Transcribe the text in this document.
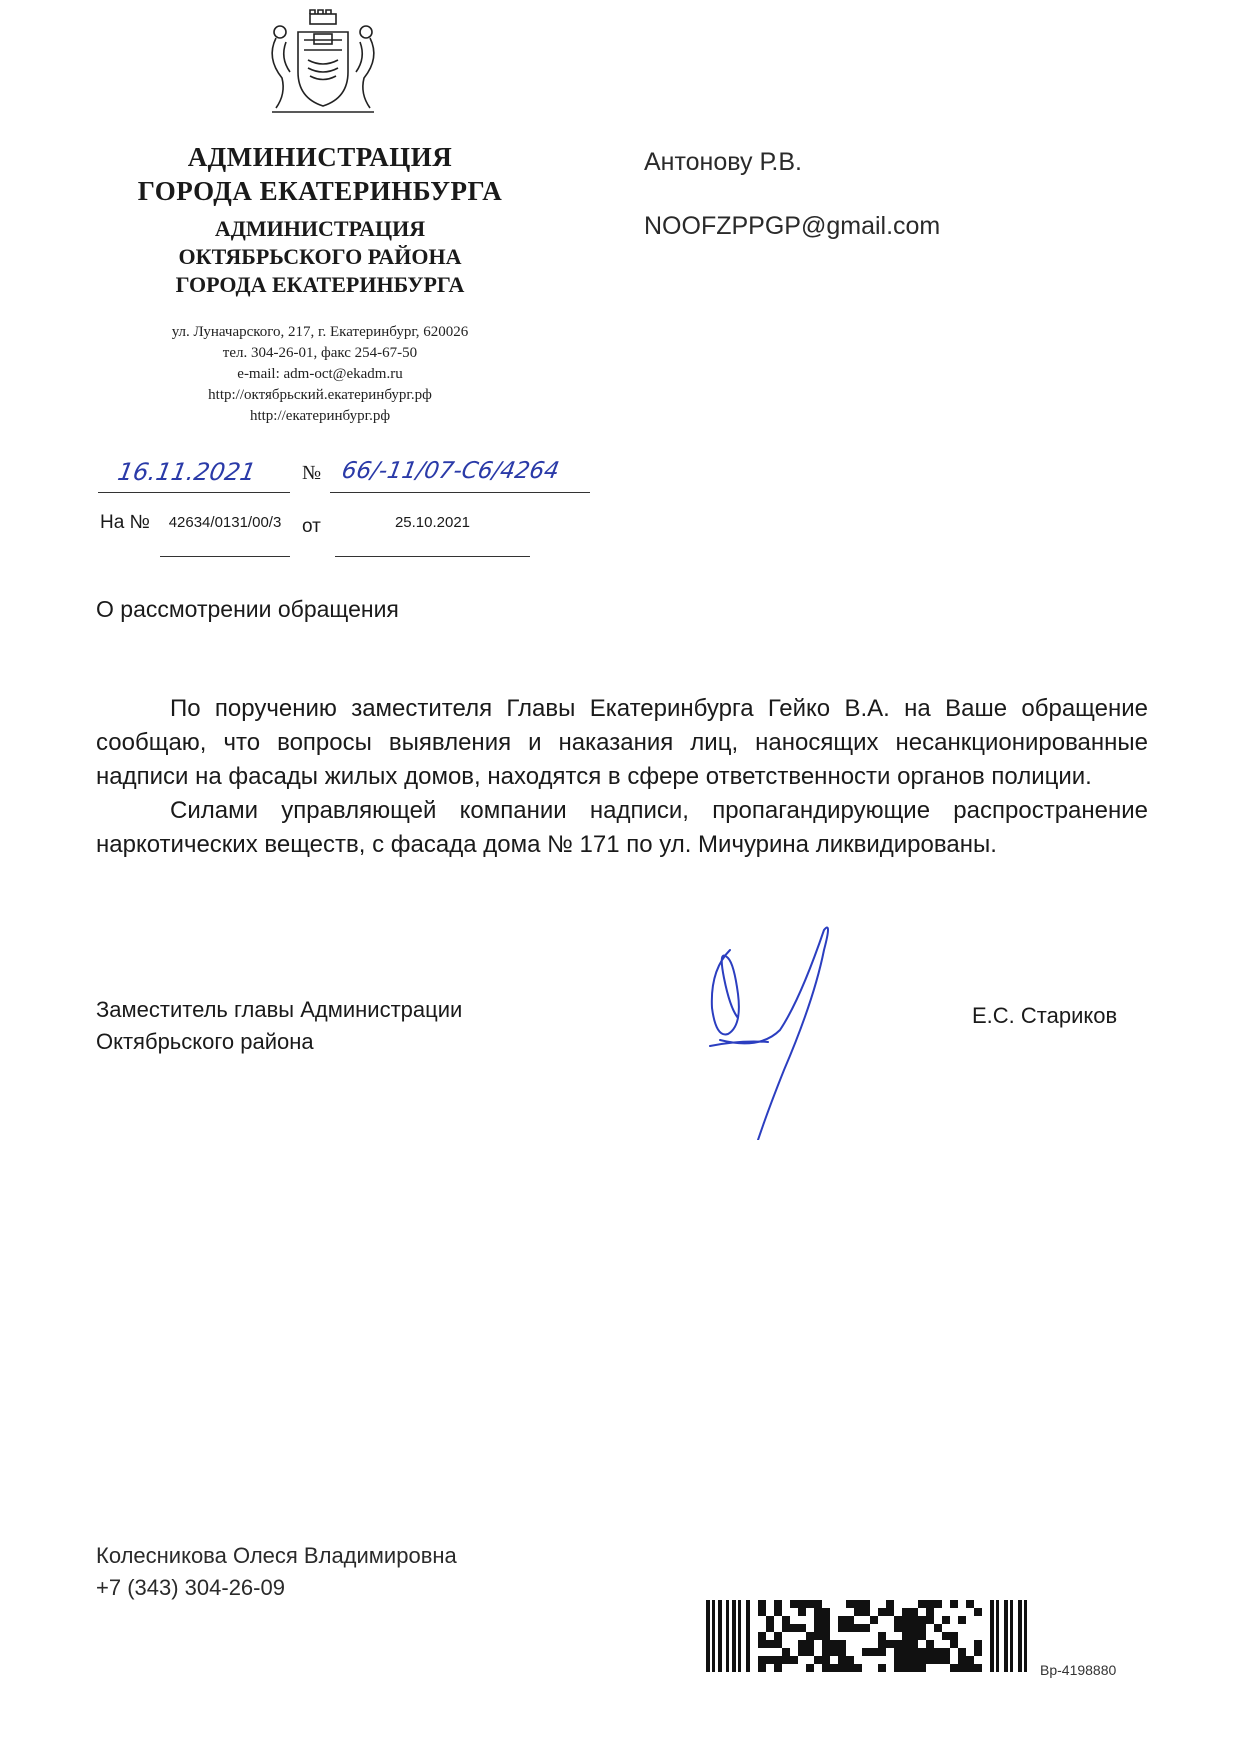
АДМИНИСТРАЦИЯ
ГОРОДА ЕКАТЕРИНБУРГА
АДМИНИСТРАЦИЯ
ОКТЯБРЬСКОГО РАЙОНА
ГОРОДА ЕКАТЕРИНБУРГА
ул. Луначарского, 217, г. Екатеринбург, 620026
тел. 304-26-01, факс 254-67-50
e-mail: adm-oct@ekadm.ru
http://октябрьский.екатеринбург.рф
http://екатеринбург.рф
Антонову Р.В.
NOOFZPPGP@gmail.com
16.11.2021 № 66/-11/07-С6/4264
На №	42634/0131/00/3	от	25.10.2021
О рассмотрении обращения

По поручению заместителя Главы Екатеринбурга Гейко В.А. на Ваше обращение сообщаю, что вопросы выявления и наказания лиц, наносящих несанкционированные надписи на фасады жилых домов, находятся в сфере ответственности органов полиции.

Силами управляющей компании надписи, пропагандирующие распространение наркотических веществ, с фасада дома № 171 по ул. Мичурина ликвидированы.

Заместитель главы Администрации
Октябрьского района
Е.С. Стариков
Колесникова Олеся Владимировна
+7 (343) 304-26-09
Вр-4198880
